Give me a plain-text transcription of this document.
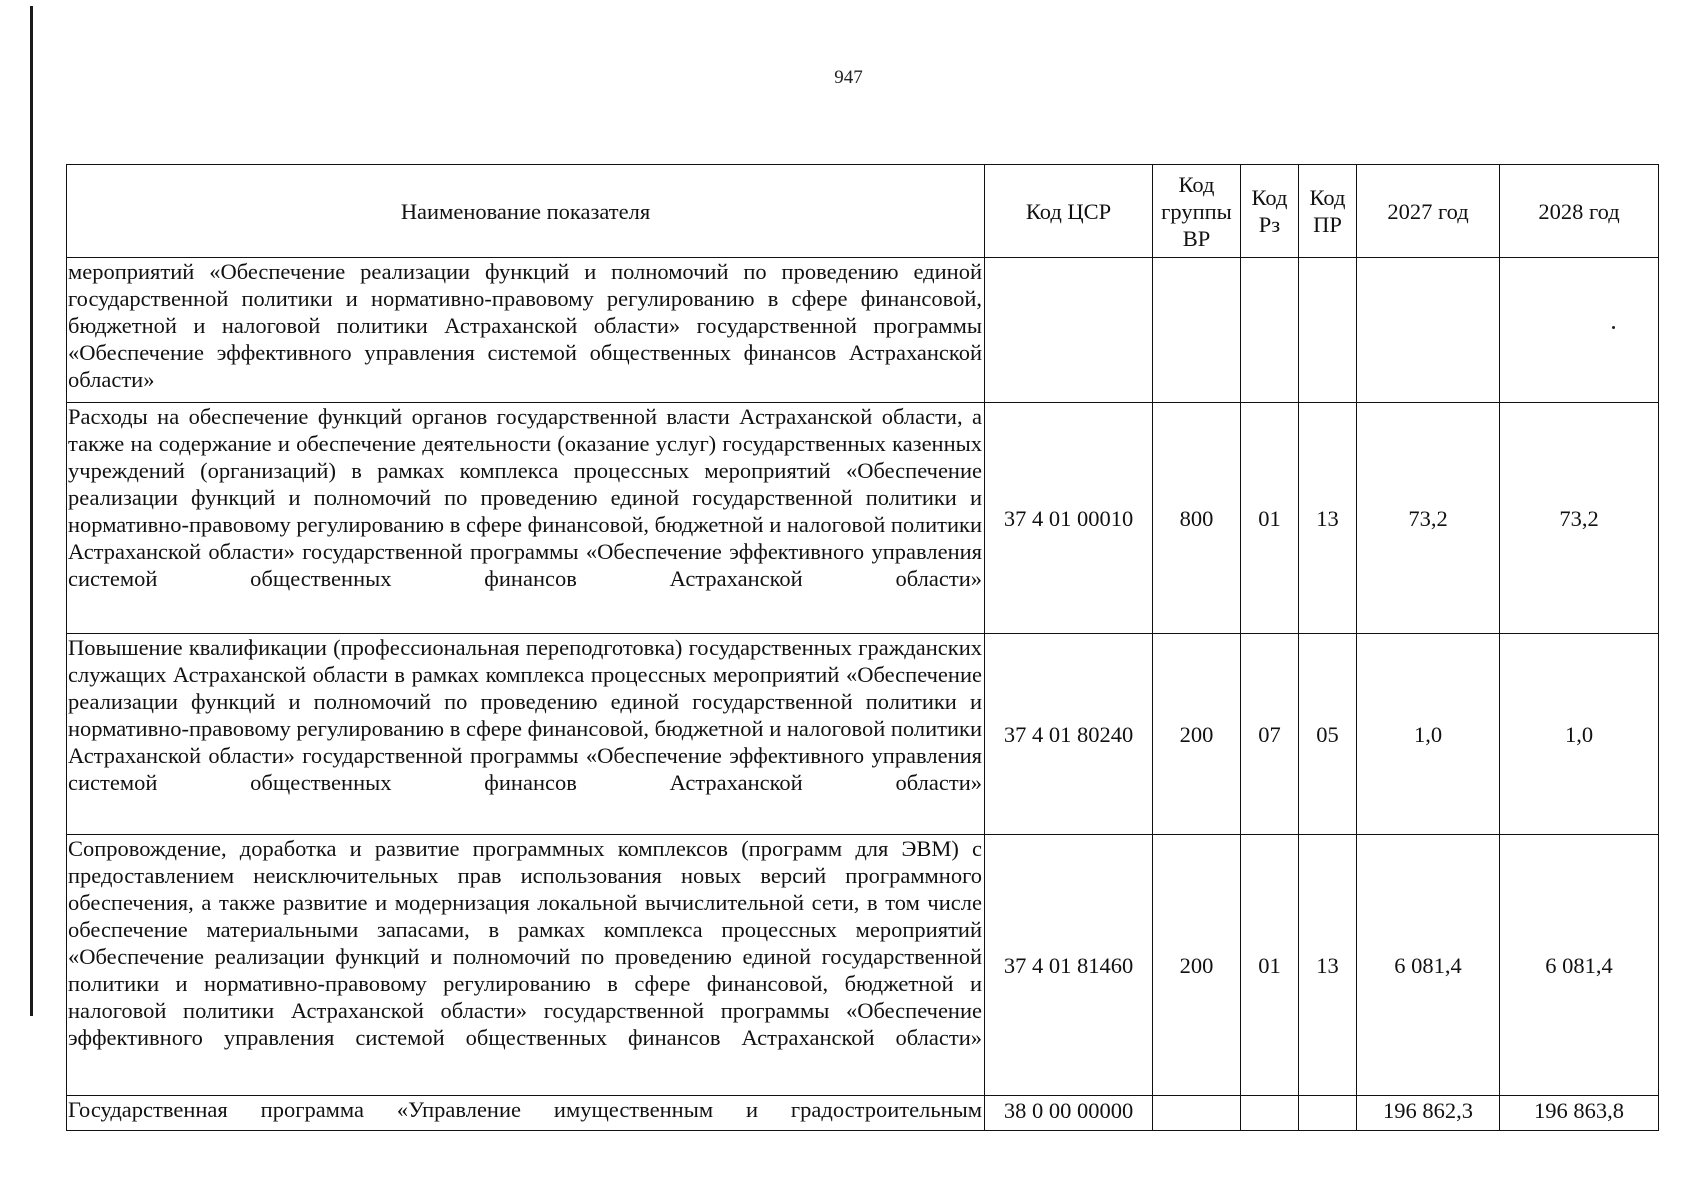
947
Наименование показателя	Код ЦСР	Код группы ВР	Код Рз	Код ПР	2027 год	2028 год
мероприятий «Обеспечение реализации функций и полномочий по проведению единой государственной политики и нормативно-правовому регулированию в сфере финансовой, бюджетной и налоговой политики Астраханской области» государственной программы «Обеспечение эффективного управления системой общественных финансов Астраханской области»						

Расходы на обеспечение функций органов государственной власти Астраханской области, а также на содержание и обеспечение деятельности (оказание услуг) государственных казенных учреждений (организаций) в рамках комплекса процессных мероприятий «Обеспечение реализации функций и полномочий по проведению единой государственной политики и нормативно-правовому регулированию в сфере финансовой, бюджетной и налоговой политики Астраханской области» государственной программы «Обеспечение эффективного управления системой общественных финансов Астраханской области»	37 4 01 00010	800	01	13	73,2	73,2
Повышение квалификации (профессиональная переподготовка) государственных гражданских служащих Астраханской области в рамках комплекса процессных мероприятий «Обеспечение реализации функций и полномочий по проведению единой государственной политики и нормативно-правовому регулированию в сфере финансовой, бюджетной и налоговой политики Астраханской области» государственной программы «Обеспечение эффективного управления системой общественных финансов Астраханской области»	37 4 01 80240	200	07	05	1,0	1,0
Сопровождение, доработка и развитие программных комплексов (программ для ЭВМ) с предоставлением неисключительных прав использования новых версий программного обеспечения, а также развитие и модернизация локальной вычислительной сети, в том числе обеспечение материальными запасами, в рамках комплекса процессных мероприятий «Обеспечение реализации функций и полномочий по проведению единой государственной политики и нормативно-правовому регулированию в сфере финансовой, бюджетной и налоговой политики Астраханской области» государственной программы «Обеспечение эффективного управления системой общественных финансов Астраханской области»	37 4 01 81460	200	01	13	6 081,4	6 081,4
Государственная программа «Управление имущественным и градостроительным	38 0 00 00000				196 862,3	196 863,8
